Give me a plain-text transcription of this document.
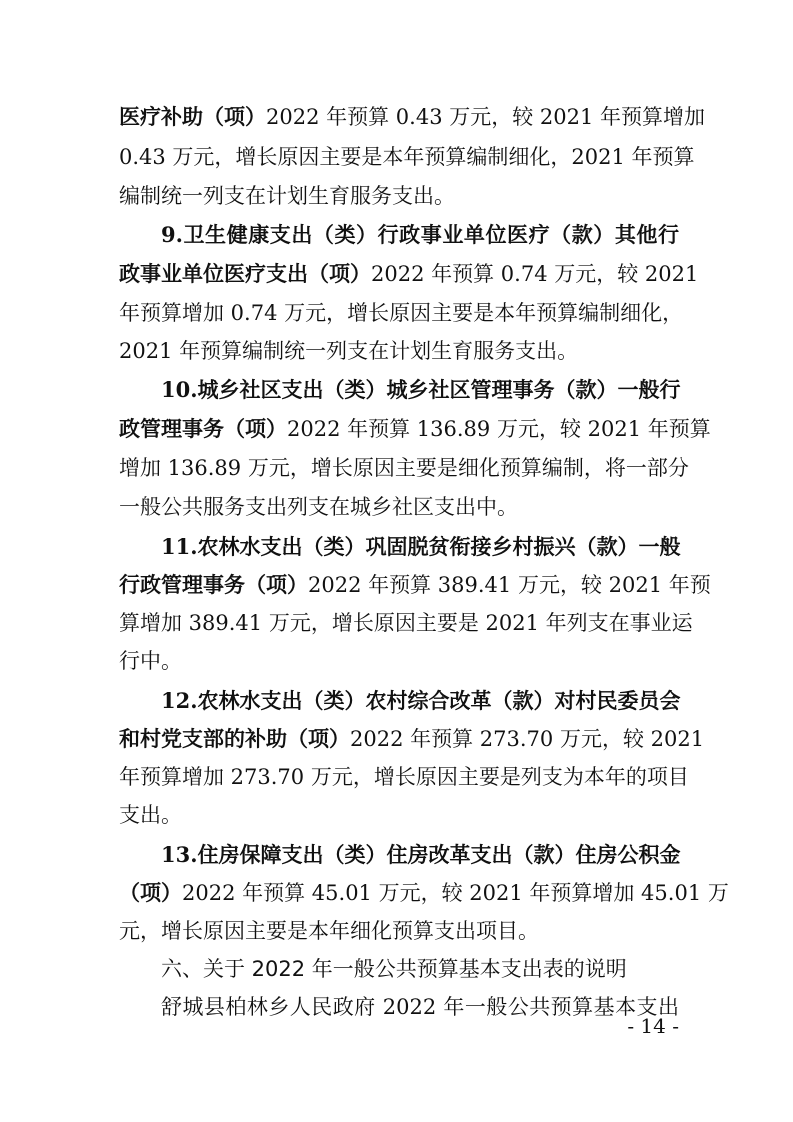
医疗补助（项）2022 年预算 0.43 万元，较 2021 年预算增加
0.43 万元，增长原因主要是本年预算编制细化，2021 年预算
编制统一列支在计划生育服务支出。
9.卫生健康支出（类）行政事业单位医疗（款）其他行
政事业单位医疗支出（项）2022 年预算 0.74 万元，较 2021
年预算增加 0.74 万元，增长原因主要是本年预算编制细化，
2021 年预算编制统一列支在计划生育服务支出。
10.城乡社区支出（类）城乡社区管理事务（款）一般行
政管理事务（项）2022 年预算 136.89 万元，较 2021 年预算
增加 136.89 万元，增长原因主要是细化预算编制，将一部分
一般公共服务支出列支在城乡社区支出中。
11.农林水支出（类）巩固脱贫衔接乡村振兴（款）一般
行政管理事务（项）2022 年预算 389.41 万元，较 2021 年预
算增加 389.41 万元，增长原因主要是 2021 年列支在事业运
行中。
12.农林水支出（类）农村综合改革（款）对村民委员会
和村党支部的补助（项）2022 年预算 273.70 万元，较 2021
年预算增加 273.70 万元，增长原因主要是列支为本年的项目
支出。
13.住房保障支出（类）住房改革支出（款）住房公积金
（项）2022 年预算 45.01 万元，较 2021 年预算增加 45.01 万
元，增长原因主要是本年细化预算支出项目。
六、关于 2022 年一般公共预算基本支出表的说明
舒城县柏林乡人民政府 2022 年一般公共预算基本支出
- 14 -
